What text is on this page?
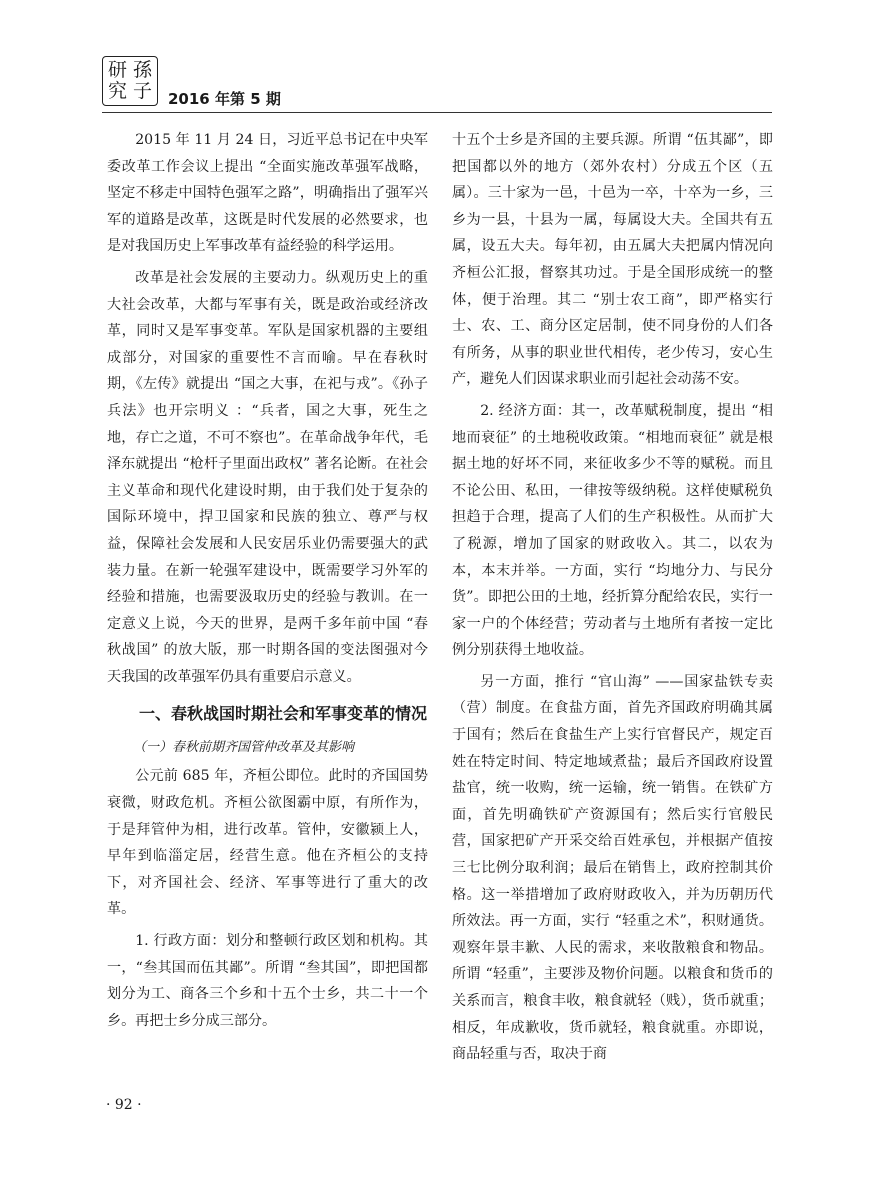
研 孫
究 子 2016 年第 5 期

2015 年 11 月 24 日，习近平总书记在中央军委改革工作会议上提出 “全面实施改革强军战略，坚定不移走中国特色强军之路”，明确指出了强军兴军的道路是改革，这既是时代发展的必然要求，也是对我国历史上军事改革有益经验的科学运用。

改革是社会发展的主要动力。纵观历史上的重大社会改革，大都与军事有关，既是政治或经济改革，同时又是军事变革。军队是国家机器的主要组成部分，对国家的重要性不言而喻。早在春秋时期，《左传》就提出 “国之大事，在祀与戎”。《孙子兵法》也开宗明义 ：“兵者，国之大事，死生之地，存亡之道，不可不察也”。在革命战争年代，毛泽东就提出 “枪杆子里面出政权” 著名论断。在社会主义革命和现代化建设时期，由于我们处于复杂的国际环境中，捍卫国家和民族的独立、尊严与权益，保障社会发展和人民安居乐业仍需要强大的武装力量。在新一轮强军建设中，既需要学习外军的经验和措施，也需要汲取历史的经验与教训。在一定意义上说，今天的世界，是两千多年前中国 “春秋战国” 的放大版，那一时期各国的变法图强对今天我国的改革强军仍具有重要启示意义。

一、春秋战国时期社会和军事变革的情况
（一）春秋前期齐国管仲改革及其影响

公元前 685 年，齐桓公即位。此时的齐国国势衰微，财政危机。齐桓公欲图霸中原，有所作为，于是拜管仲为相，进行改革。管仲，安徽颍上人，早年到临淄定居，经营生意。他在齐桓公的支持下，对齐国社会、经济、军事等进行了重大的改革。

1. 行政方面：划分和整顿行政区划和机构。其一，“叁其国而伍其鄙”。所谓 “叁其国”，即把国都划分为工、商各三个乡和十五个士乡，共二十一个乡。再把士乡分成三部分。

十五个士乡是齐国的主要兵源。所谓 “伍其鄙”，即把国都以外的地方（郊外农村）分成五个区（五属）。三十家为一邑，十邑为一卒，十卒为一乡，三乡为一县，十县为一属，每属设大夫。全国共有五属，设五大夫。每年初，由五属大夫把属内情况向齐桓公汇报，督察其功过。于是全国形成统一的整体，便于治理。其二 “别士农工商”，即严格实行士、农、工、商分区定居制，使不同身份的人们各有所务，从事的职业世代相传，老少传习，安心生产，避免人们因谋求职业而引起社会动荡不安。

2. 经济方面：其一，改革赋税制度，提出 “相地而衰征” 的土地税收政策。“相地而衰征” 就是根据土地的好坏不同，来征收多少不等的赋税。而且不论公田、私田，一律按等级纳税。这样使赋税负担趋于合理，提高了人们的生产积极性。从而扩大了税源，增加了国家的财政收入。其二，以农为本，本末并举。一方面，实行 “均地分力、与民分货”。即把公田的土地，经折算分配给农民，实行一家一户的个体经营；劳动者与土地所有者按一定比例分别获得土地收益。

另一方面，推行 “官山海” ——国家盐铁专卖（营）制度。在食盐方面，首先齐国政府明确其属于国有；然后在食盐生产上实行官督民产，规定百姓在特定时间、特定地域煮盐；最后齐国政府设置盐官，统一收购，统一运输，统一销售。在铁矿方面，首先明确铁矿产资源国有；然后实行官般民营，国家把矿产开采交给百姓承包，并根据产值按三七比例分取利润；最后在销售上，政府控制其价格。这一举措增加了政府财政收入，并为历朝历代所效法。再一方面，实行 “轻重之术”，积财通货。观察年景丰歉、人民的需求，来收散粮食和物品。所谓 “轻重”，主要涉及物价问题。以粮食和货币的关系而言，粮食丰收，粮食就轻（贱），货币就重；相反，年成歉收，货币就轻，粮食就重。亦即说，商品轻重与否，取决于商

· 92 ·
